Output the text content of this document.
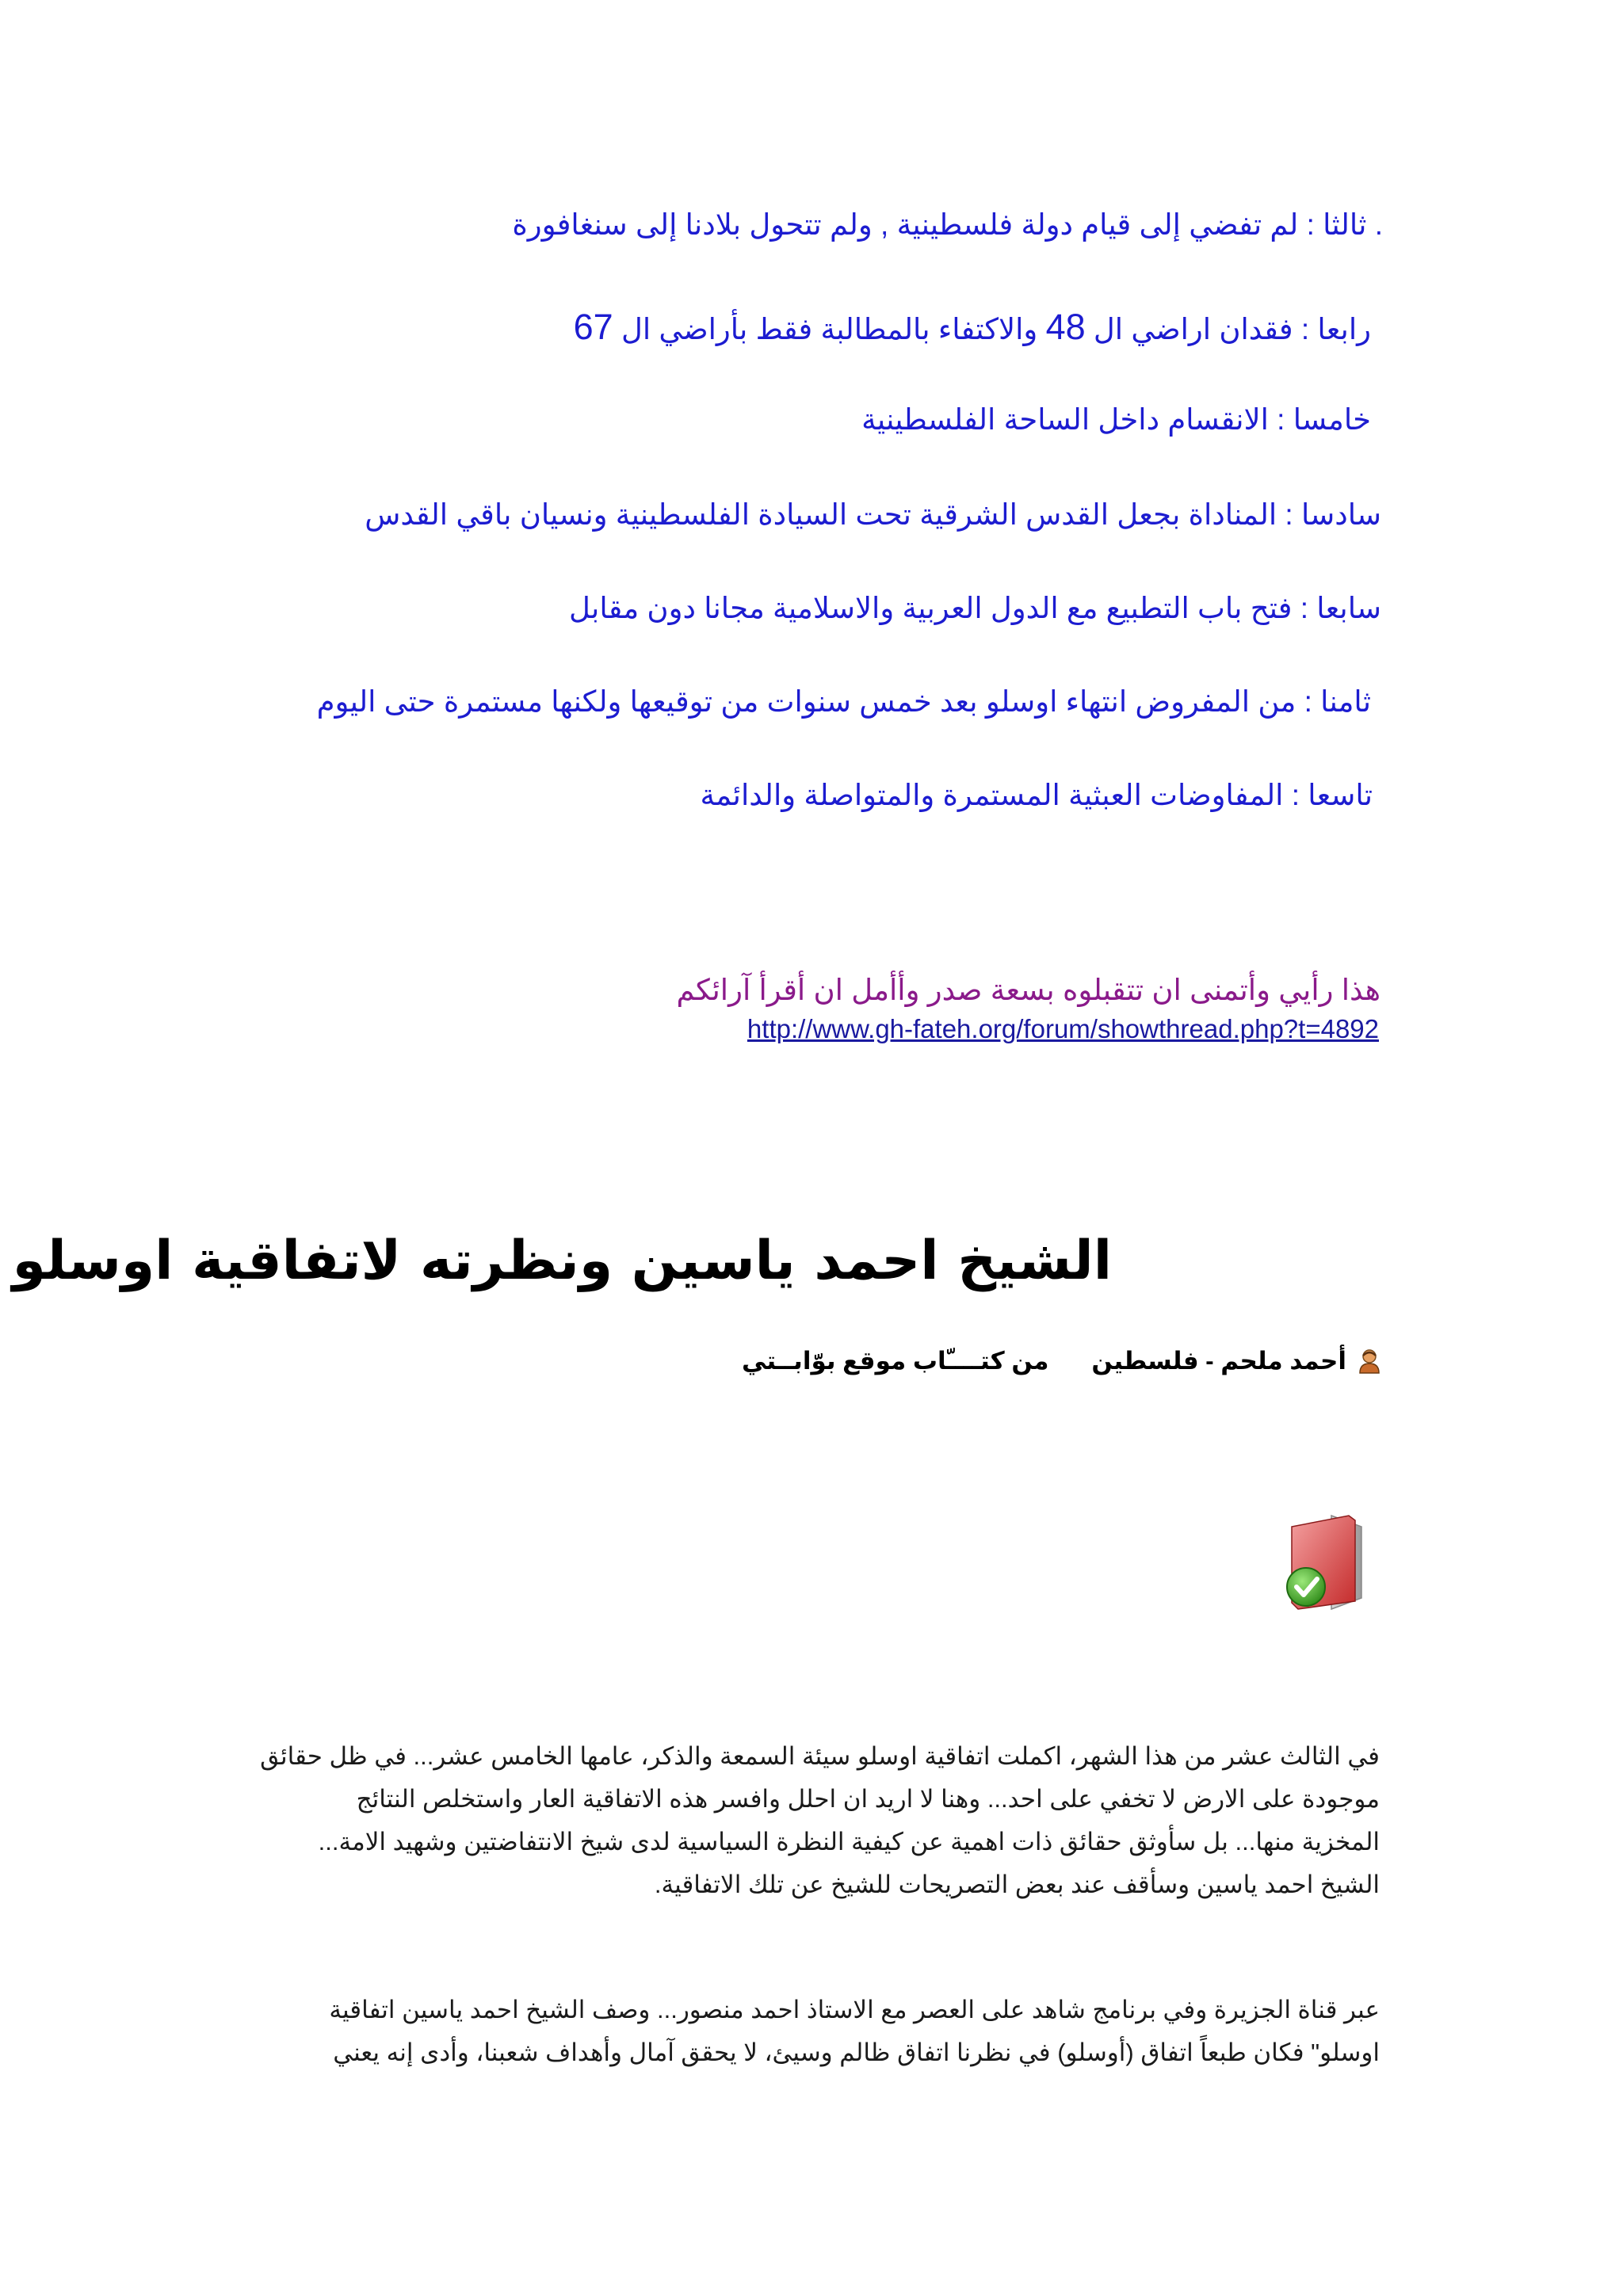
. ثالثا : لم تفضي إلى قيام دولة فلسطينية , ولم تتحول بلادنا إلى سنغافورة
رابعا : فقدان اراضي ال 48 والاكتفاء بالمطالبة فقط بأراضي ال 67
خامسا : الانقسام داخل الساحة الفلسطينية
سادسا : المناداة بجعل القدس الشرقية تحت السيادة الفلسطينية ونسيان باقي القدس
سابعا : فتح باب التطبيع مع الدول العربية والاسلامية مجانا دون مقابل
ثامنا : من المفروض انتهاء اوسلو بعد خمس سنوات من توقيعها ولكنها مستمرة حتى اليوم
تاسعا : المفاوضات العبثية المستمرة والمتواصلة والدائمة
هذا رأيي وأتمنى ان تتقبلوه بسعة صدر وأأمل ان أقرأ آرائكم
http://www.gh-fateh.org/forum/showthread.php?t=4892
الشيخ احمد ياسين ونظرته لاتفاقية اوسلو
أحمد ملحم - فلسطين
من كتــــّاب موقع بوّابــتي
في الثالث عشر من هذا الشهر، اكملت اتفاقية اوسلو سيئة السمعة والذكر، عامها الخامس عشر... في ظل حقائق
موجودة على الارض لا تخفي على احد... وهنا لا اريد ان احلل وافسر هذه الاتفاقية العار واستخلص النتائج
المخزية منها... بل سأوثق حقائق ذات اهمية عن كيفية النظرة السياسية لدى شيخ الانتفاضتين وشهيد الامة...
الشيخ احمد ياسين وسأقف عند بعض التصريحات للشيخ عن تلك الاتفاقية.
عبر قناة الجزيرة وفي برنامج شاهد على العصر مع الاستاذ احمد منصور... وصف الشيخ احمد ياسين اتفاقية
اوسلو" فكان طبعاً اتفاق (أوسلو) في نظرنا اتفاق ظالم وسيئ، لا يحقق آمال وأهداف شعبنا، وأدى إنه يعني
